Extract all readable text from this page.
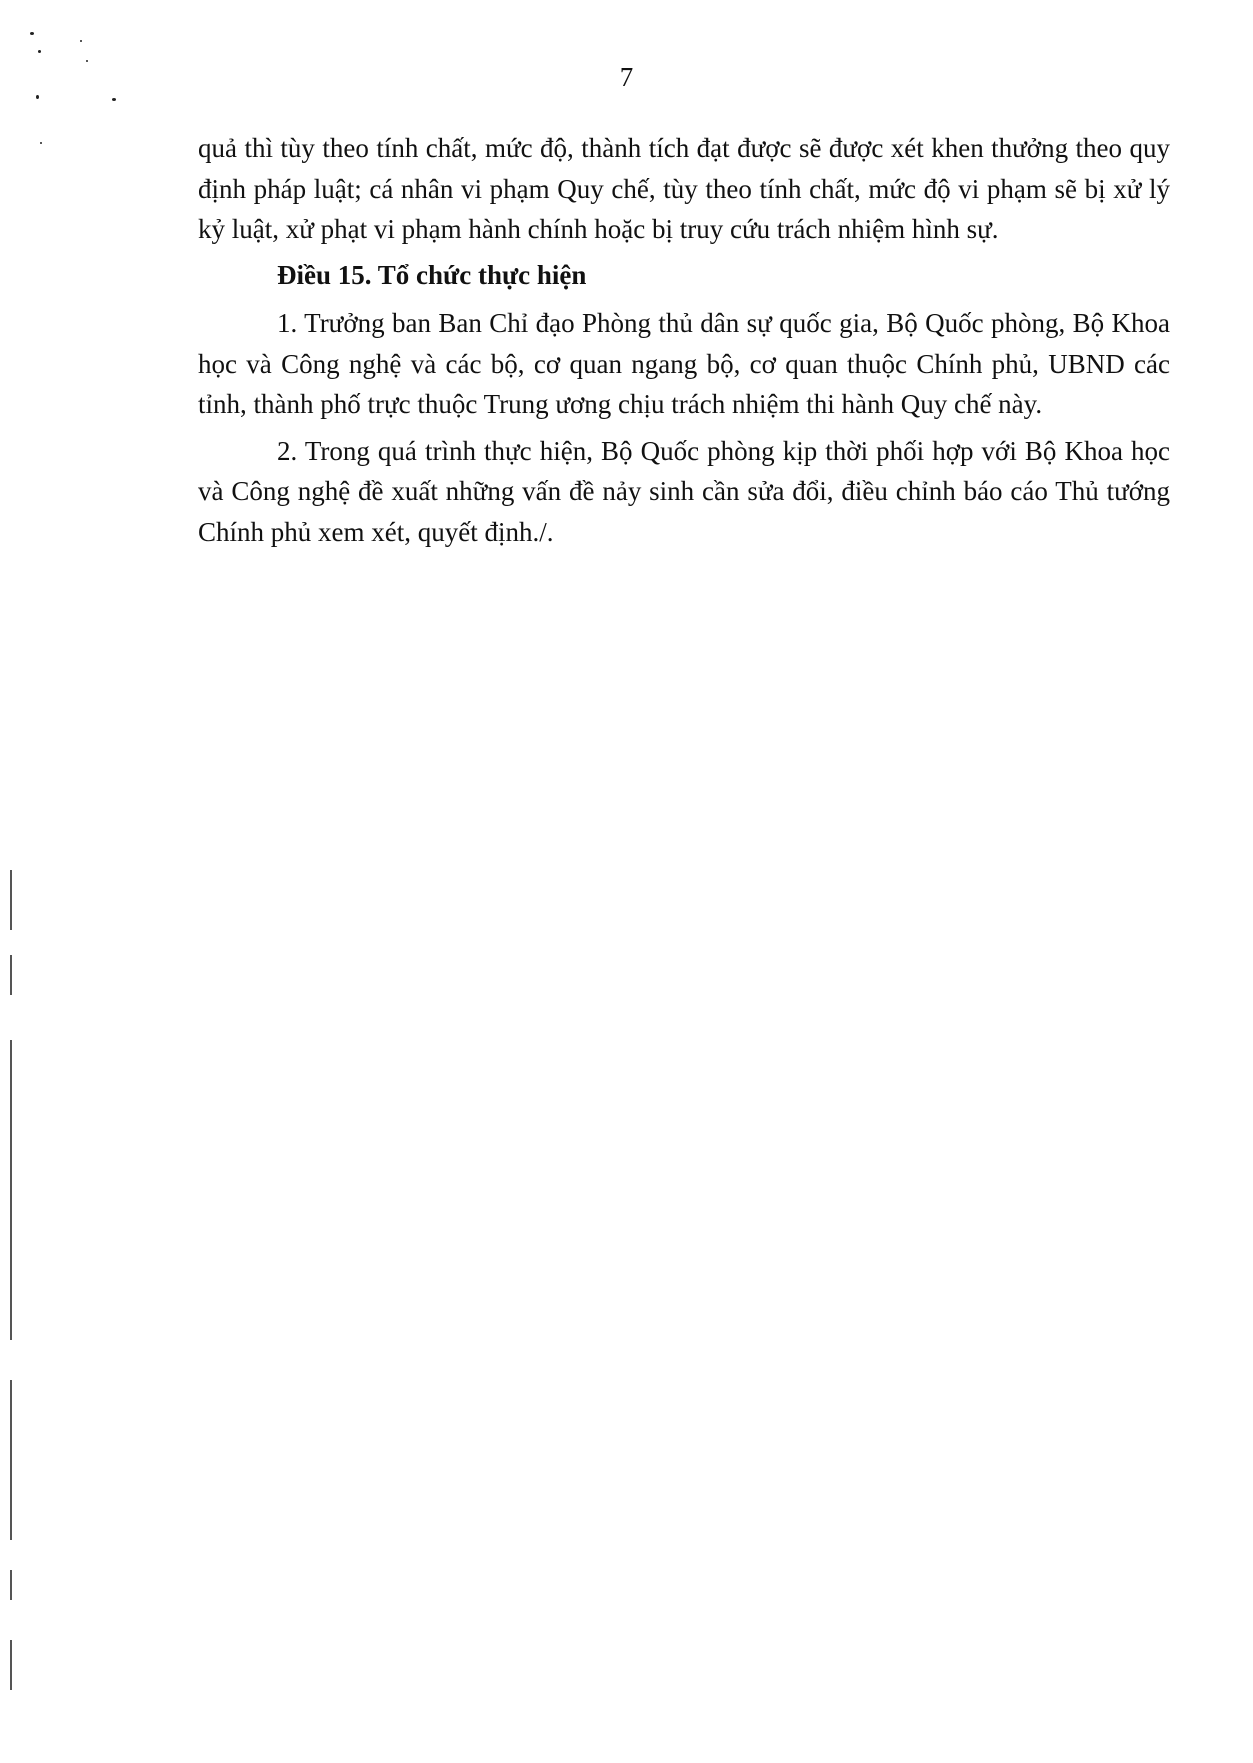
7

quả thì tùy theo tính chất, mức độ, thành tích đạt được sẽ được xét khen thưởng theo quy định pháp luật; cá nhân vi phạm Quy chế, tùy theo tính chất, mức độ vi phạm sẽ bị xử lý kỷ luật, xử phạt vi phạm hành chính hoặc bị truy cứu trách nhiệm hình sự.

Điều 15. Tổ chức thực hiện

1. Trưởng ban Ban Chỉ đạo Phòng thủ dân sự quốc gia, Bộ Quốc phòng, Bộ Khoa học và Công nghệ và các bộ, cơ quan ngang bộ, cơ quan thuộc Chính phủ, UBND các tỉnh, thành phố trực thuộc Trung ương chịu trách nhiệm thi hành Quy chế này.

2. Trong quá trình thực hiện, Bộ Quốc phòng kịp thời phối hợp với Bộ Khoa học và Công nghệ đề xuất những vấn đề nảy sinh cần sửa đổi, điều chỉnh báo cáo Thủ tướng Chính phủ xem xét, quyết định./.
